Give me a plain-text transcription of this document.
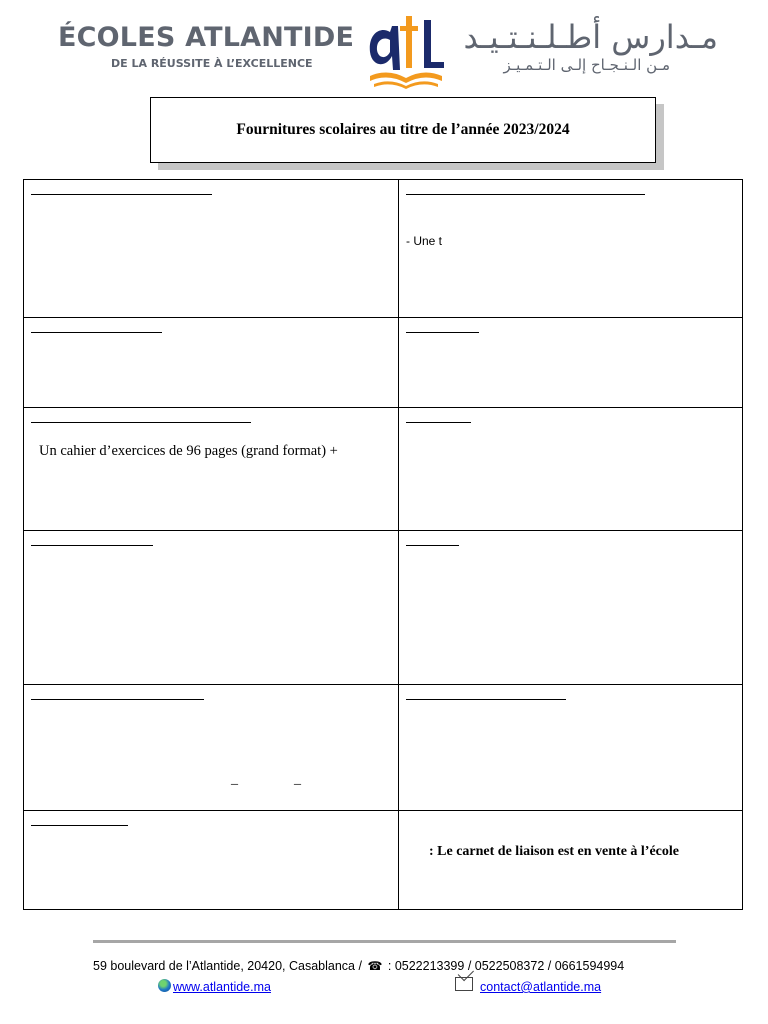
ÉCOLES ATLANTIDE
DE LA RÉUSSITE À L’EXCELLENCE
مـدارس أطـلـنـتـيـد
مـن الـنـجـاح إلـى الـتـمـيـز
Fournitures scolaires au titre de l’année 2023/2024
- Une t
Un cahier d’exercices de 96 pages (grand format) +
_	_
: Le carnet de liaison est en vente à l’école
59 boulevard de l’Atlantide, 20420, Casablanca / ☎ : 0522213399 / 0522508372 / 0661594994
www.atlantide.ma	contact@atlantide.ma
